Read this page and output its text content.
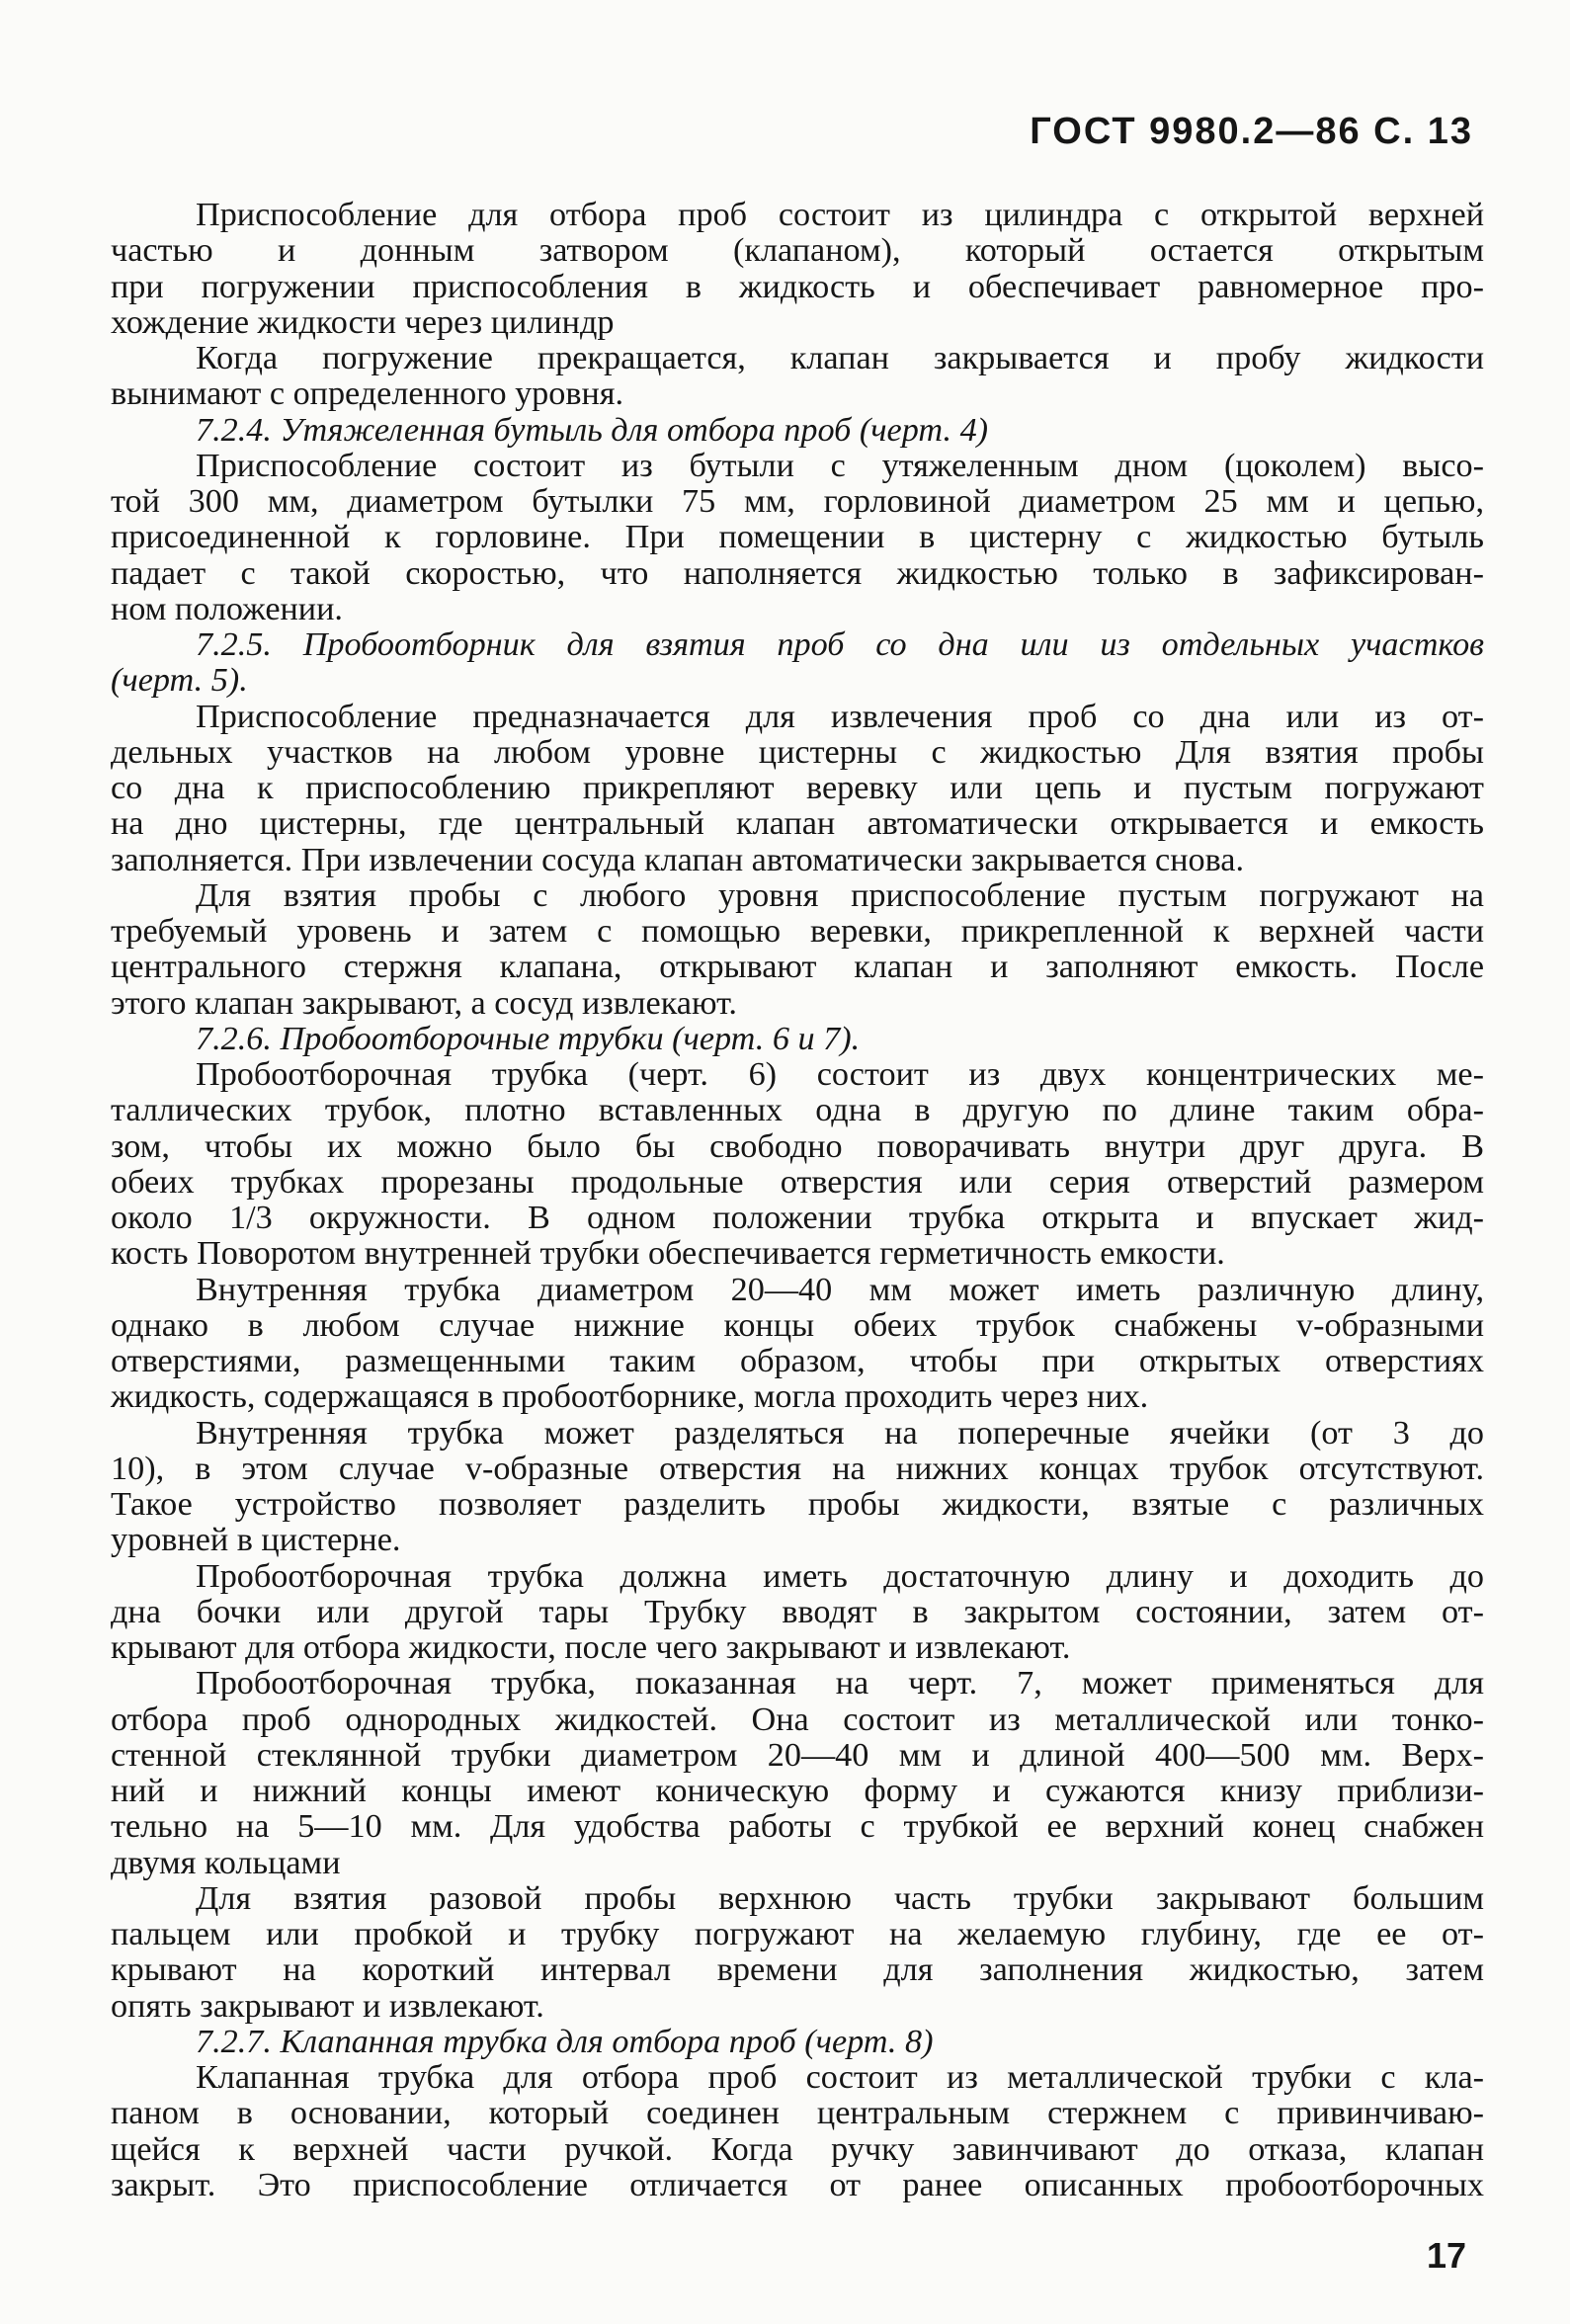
ГОСТ 9980.2—86 С. 13

Приспособление для отбора проб состоит из цилиндра с открытой верхней

частью и донным затвором (клапаном), который остается открытым

при погружении приспособления в жидкость и обеспечивает равномерное про-

хождение жидкости через цилиндр

Когда погружение прекращается, клапан закрывается и пробу жидкости

вынимают с определенного уровня.

7.2.4. Утяжеленная бутыль для отбора проб (черт. 4)

Приспособление состоит из бутыли с утяжеленным дном (цоколем) высо-

той 300 мм, диаметром бутылки 75 мм, горловиной диаметром 25 мм и цепью,

присоединенной к горловине. При помещении в цистерну с жидкостью бутыль

падает с такой скоростью, что наполняется жидкостью только в зафиксирован-

ном положении.

7.2.5. Пробоотборник для взятия проб со дна или из отдельных участков

(черт. 5).

Приспособление предназначается для извлечения проб со дна или из от-

дельных участков на любом уровне цистерны с жидкостью Для взятия пробы

со дна к приспособлению прикрепляют веревку или цепь и пустым погружают

на дно цистерны, где центральный клапан автоматически открывается и емкость

заполняется. При извлечении сосуда клапан автоматически закрывается снова.

Для взятия пробы с любого уровня приспособление пустым погружают на

требуемый уровень и затем с помощью веревки, прикрепленной к верхней части

центрального стержня клапана, открывают клапан и заполняют емкость. После

этого клапан закрывают, а сосуд извлекают.

7.2.6. Пробоотборочные трубки (черт. 6 и 7).

Пробоотборочная трубка (черт. 6) состоит из двух концентрических ме-

таллических трубок, плотно вставленных одна в другую по длине таким обра-

зом, чтобы их можно было бы свободно поворачивать внутри друг друга. В

обеих трубках прорезаны продольные отверстия или серия отверстий размером

около 1/3 окружности. В одном положении трубка открыта и впускает жид-

кость Поворотом внутренней трубки обеспечивается герметичность емкости.

Внутренняя трубка диаметром 20—40 мм может иметь различную длину,

однако в любом случае нижние концы обеих трубок снабжены v-образными

отверстиями, размещенными таким образом, чтобы при открытых отверстиях

жидкость, содержащаяся в пробоотборнике, могла проходить через них.

Внутренняя трубка может разделяться на поперечные ячейки (от 3 до

10), в этом случае v-образные отверстия на нижних концах трубок отсутствуют.

Такое устройство позволяет разделить пробы жидкости, взятые с различных

уровней в цистерне.

Пробоотборочная трубка должна иметь достаточную длину и доходить до

дна бочки или другой тары Трубку вводят в закрытом состоянии, затем от-

крывают для отбора жидкости, после чего закрывают и извлекают.

Пробоотборочная трубка, показанная на черт. 7, может применяться для

отбора проб однородных жидкостей. Она состоит из металлической или тонко-

стенной стеклянной трубки диаметром 20—40 мм и длиной 400—500 мм. Верх-

ний и нижний концы имеют коническую форму и сужаются книзу приблизи-

тельно на 5—10 мм. Для удобства работы с трубкой ее верхний конец снабжен

двумя кольцами

Для взятия разовой пробы верхнюю часть трубки закрывают большим

пальцем или пробкой и трубку погружают на желаемую глубину, где ее от-

крывают на короткий интервал времени для заполнения жидкостью, затем

опять закрывают и извлекают.

7.2.7. Клапанная трубка для отбора проб (черт. 8)

Клапанная трубка для отбора проб состоит из металлической трубки с кла-

паном в основании, который соединен центральным стержнем с привинчиваю-

щейся к верхней части ручкой. Когда ручку завинчивают до отказа, клапан

закрыт. Это приспособление отличается от ранее описанных пробоотборочных

17
